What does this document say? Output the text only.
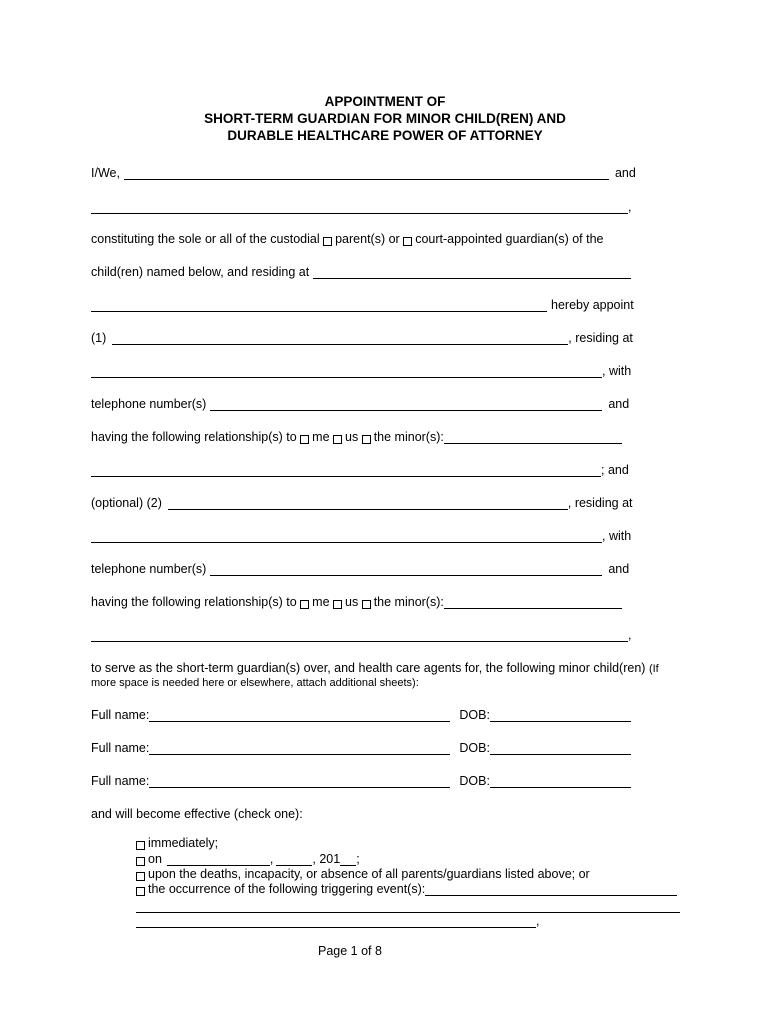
APPOINTMENT OF
SHORT-TERM GUARDIAN FOR MINOR CHILD(REN) AND
DURABLE HEALTHCARE POWER OF ATTORNEY
I/We,	and
,
constituting the sole or all of the custodial
parent(s) or
court-appointed guardian(s) of the
child(ren) named below, and residing at
hereby appoint
(1)	, residing at
, with
telephone number(s)	and
having the following relationship(s) to
me
us
the minor(s):
; and
(optional) (2)	, residing at
, with
telephone number(s)	and
having the following relationship(s) to
me
us
the minor(s):
,
to serve as the short-term guardian(s) over, and health care agents for, the following minor child(ren)
(If
more space is needed here or elsewhere, attach additional sheets):
Full name:	DOB:
Full name:	DOB:
Full name:	DOB:
and will become effective (check one):
immediately;
on	,	, 201 ;
upon the deaths, incapacity, or absence of all parents/guardians listed above; or
the occurrence of the following triggering event(s):
,
Page 1 of 8
